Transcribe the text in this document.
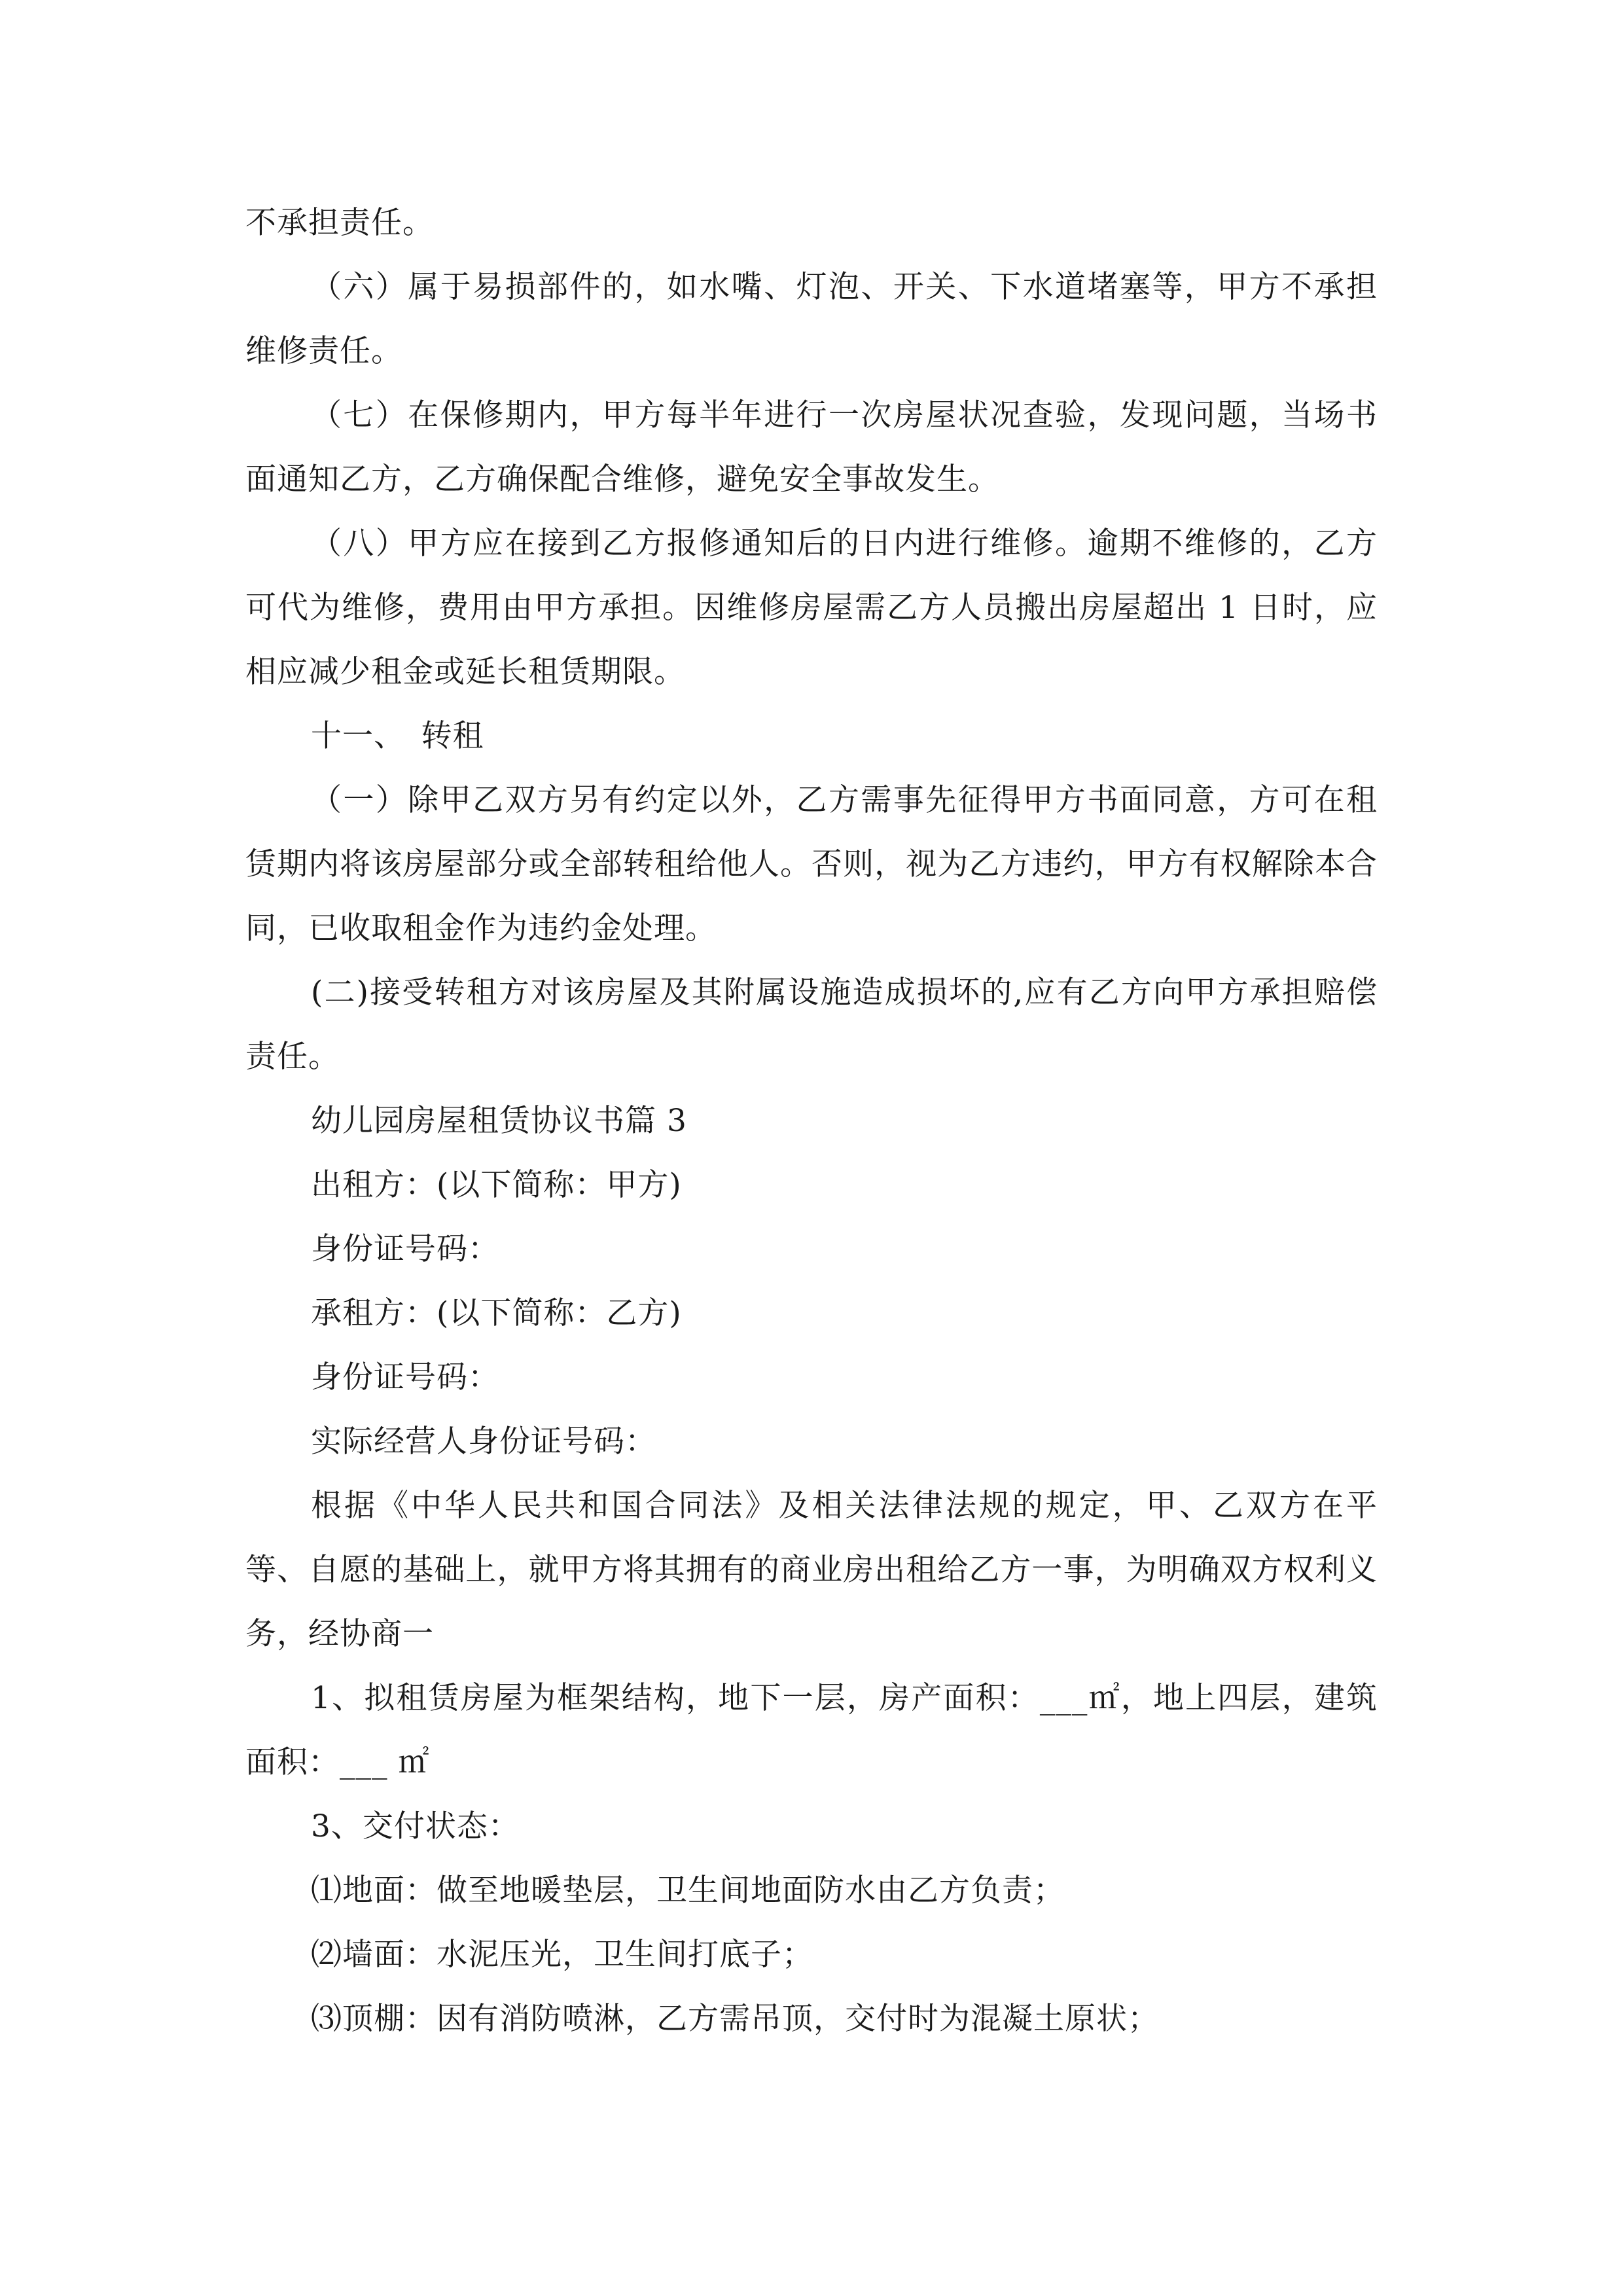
不承担责任。

（六）属于易损部件的，如水嘴、灯泡、开关、下水道堵塞等，甲方不承担维修责任。

（七）在保修期内，甲方每半年进行一次房屋状况查验，发现问题，当场书面通知乙方，乙方确保配合维修，避免安全事故发生。

（八）甲方应在接到乙方报修通知后的日内进行维修。逾期不维修的，乙方可代为维修，费用由甲方承担。因维修房屋需乙方人员搬出房屋超出 1 日时，应相应减少租金或延长租赁期限。

十一、　转租

（一）除甲乙双方另有约定以外，乙方需事先征得甲方书面同意，方可在租赁期内将该房屋部分或全部转租给他人。否则，视为乙方违约，甲方有权解除本合同，已收取租金作为违约金处理。

(二)接受转租方对该房屋及其附属设施造成损坏的,应有乙方向甲方承担赔偿责任。

幼儿园房屋租赁协议书篇 3

出租方：(以下简称：甲方)

身份证号码：

承租方：(以下简称：乙方)

身份证号码：

实际经营人身份证号码：

根据《中华人民共和国合同法》及相关法律法规的规定，甲、乙双方在平等、自愿的基础上，就甲方将其拥有的商业房出租给乙方一事，为明确双方权利义务，经协商一

1、拟租赁房屋为框架结构，地下一层，房产面积：___㎡，地上四层，建筑面积：___ ㎡

3、交付状态：

⑴地面：做至地暖垫层，卫生间地面防水由乙方负责；

⑵墙面：水泥压光，卫生间打底子；

⑶顶棚：因有消防喷淋，乙方需吊顶，交付时为混凝土原状；
